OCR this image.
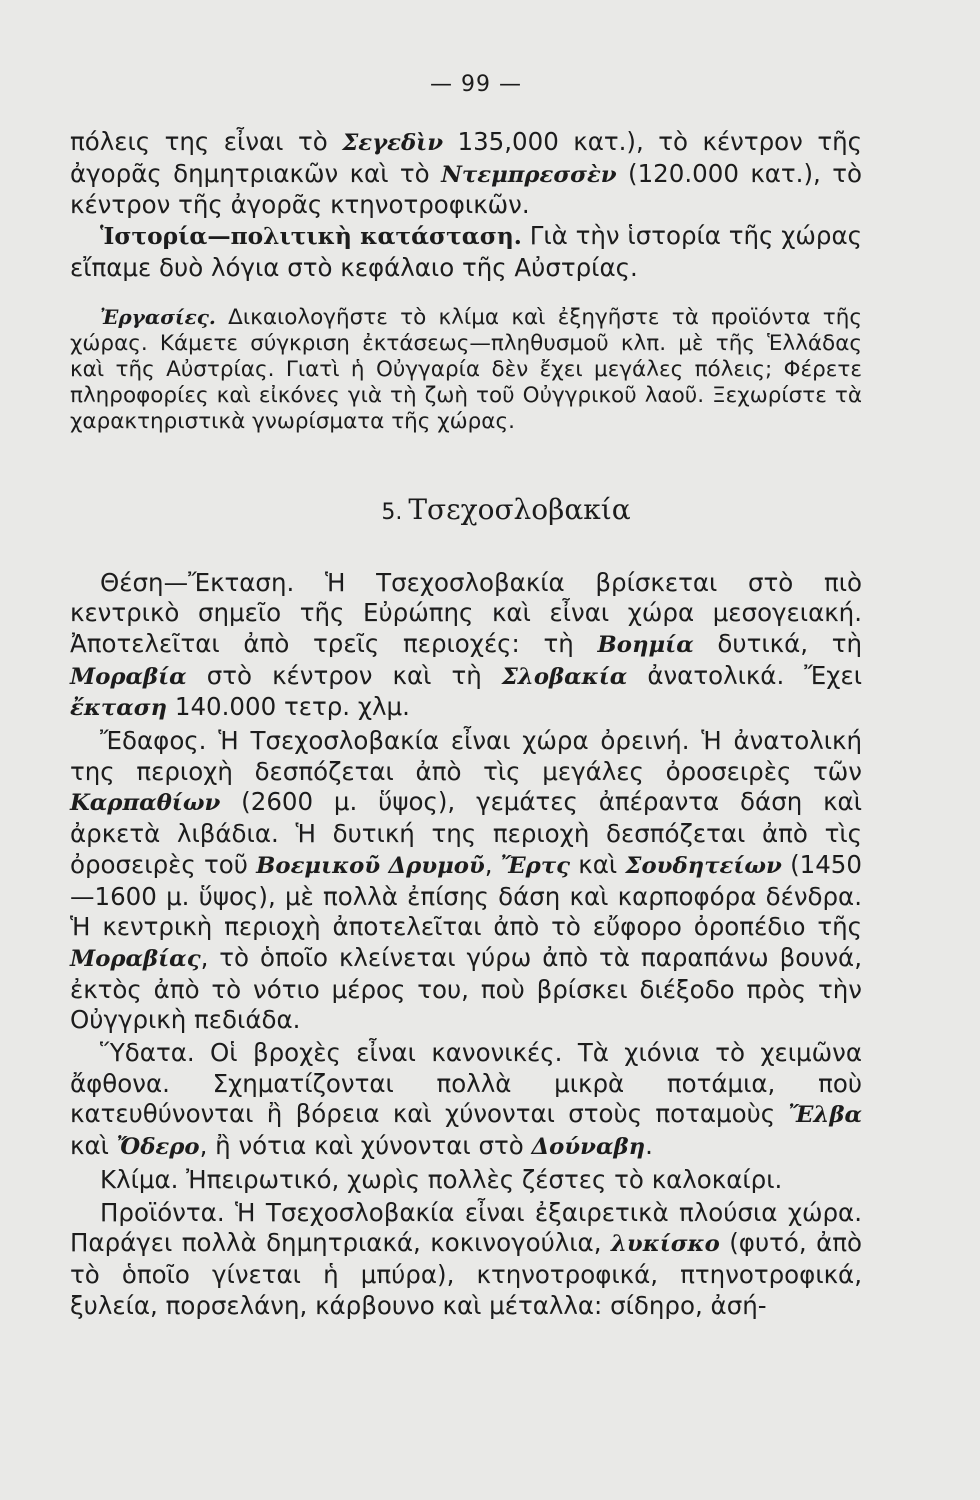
— 99 —

πόλεις της εἶναι τὸ Σεγεδὶν 135,000 κατ.), τὸ κέντρον τῆς ἀγορᾶς δημητριακῶν καὶ τὸ Ντεμπρεσσὲν (120.000 κατ.), τὸ κέντρον τῆς ἀγορᾶς κτηνοτροφικῶν.

Ἱστορία—πολιτικὴ κατάσταση. Γιὰ τὴν ἱστορία τῆς χώρας εἴπαμε δυὸ λόγια στὸ κεφάλαιο τῆς Αὐστρίας.

Ἐργασίες. Δικαιολογῆστε τὸ κλίμα καὶ ἐξηγῆστε τὰ προϊόντα τῆς χώρας. Κάμετε σύγκριση ἐκτάσεως—πληθυσμοῦ κλπ. μὲ τῆς Ἑλλάδας καὶ τῆς Αὐστρίας. Γιατὶ ἡ Οὐγγαρία δὲν ἔχει μεγάλες πόλεις; Φέρετε πληροφορίες καὶ εἰκόνες γιὰ τὴ ζωὴ τοῦ Οὐγγρικοῦ λαοῦ. Ξεχωρίστε τὰ χαρακτηριστικὰ γνωρίσματα τῆς χώρας.

5. Τσεχοσλοβακία

Θέση—Ἔκταση. Ἡ Τσεχοσλοβακία βρίσκεται στὸ πιὸ κεντρικὸ σημεῖο τῆς Εὐρώπης καὶ εἶναι χώρα μεσογειακή. Ἀποτελεῖται ἀπὸ τρεῖς περιοχές: τὴ Βοημία δυτικά, τὴ Μοραβία στὸ κέντρον καὶ τὴ Σλοβακία ἀνατολικά. Ἔχει ἔκταση 140.000 τετρ. χλμ.

Ἔδαφος. Ἡ Τσεχοσλοβακία εἶναι χώρα ὀρεινή. Ἡ ἀνατολική της περιοχὴ δεσπόζεται ἀπὸ τὶς μεγάλες ὀροσειρὲς τῶν Καρπαθίων (2600 μ. ὕψος), γεμάτες ἀπέραντα δάση καὶ ἀρκετὰ λιβάδια. Ἡ δυτική της περιοχὴ δεσπόζεται ἀπὸ τὶς ὀροσειρὲς τοῦ Βοεμικοῦ Δρυμοῦ, Ἔρτς καὶ Σουδητείων (1450—1600 μ. ὕψος), μὲ πολλὰ ἐπίσης δάση καὶ καρποφόρα δένδρα. Ἡ κεντρικὴ περιοχὴ ἀποτελεῖται ἀπὸ τὸ εὔφορο ὀροπέδιο τῆς Μοραβίας, τὸ ὁποῖο κλείνεται γύρω ἀπὸ τὰ παραπάνω βουνά, ἐκτὸς ἀπὸ τὸ νότιο μέρος του, ποὺ βρίσκει διέξοδο πρὸς τὴν Οὐγγρικὴ πεδιάδα.

Ὕδατα. Οἱ βροχὲς εἶναι κανονικές. Τὰ χιόνια τὸ χειμῶνα ἄφθονα. Σχηματίζονται πολλὰ μικρὰ ποτάμια, ποὺ κατευθύνονται ἢ βόρεια καὶ χύνονται στοὺς ποταμοὺς Ἔλβα καὶ Ὄδερο, ἢ νότια καὶ χύνονται στὸ Δούναβη.

Κλίμα. Ἠπειρωτικό, χωρὶς πολλὲς ζέστες τὸ καλοκαίρι.

Προϊόντα. Ἡ Τσεχοσλοβακία εἶναι ἐξαιρετικὰ πλούσια χώρα. Παράγει πολλὰ δημητριακά, κοκινογούλια, λυκίσκο (φυτό, ἀπὸ τὸ ὁποῖο γίνεται ἡ μπύρα), κτηνοτροφικά, πτηνοτροφικά, ξυλεία, πορσελάνη, κάρβουνο καὶ μέταλλα: σίδηρο, ἀσή-
